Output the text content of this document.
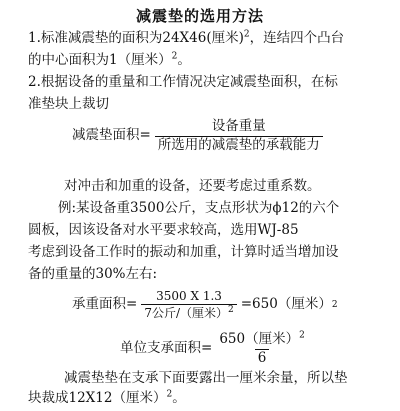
减震垫的选用方法
1.标准减震垫的面积为24X46(厘米)$^2$，连结四个凸台
的中心面积为1（厘米）$^2$。
2.根据设备的重量和工作情况决定减震垫面积，在标
准垫块上裁切
减震垫面积= $\frac{\text{设备重量}}{\text{所选用的减震垫的承载能力}}$
对冲击和加重的设备，还要考虑过重系数。
例:某设备重3500公斤，支点形状为ϕ12的六个
圆板，因该设备对水平要求较高，选用WJ-85
考虑到设备工作时的振动和加重，计算时适当增加设
备的重量的30%左右:
承重面积= $\frac{3500 X 1.3}{7公斤/(厘米)^2} =650$（厘米） 2
单位支承面积= $\frac{650(厘米)^2}{6}$
减震垫垫在支承下面要露出一厘米余量，所以垫
块裁成12X12（厘米）$^2$。
